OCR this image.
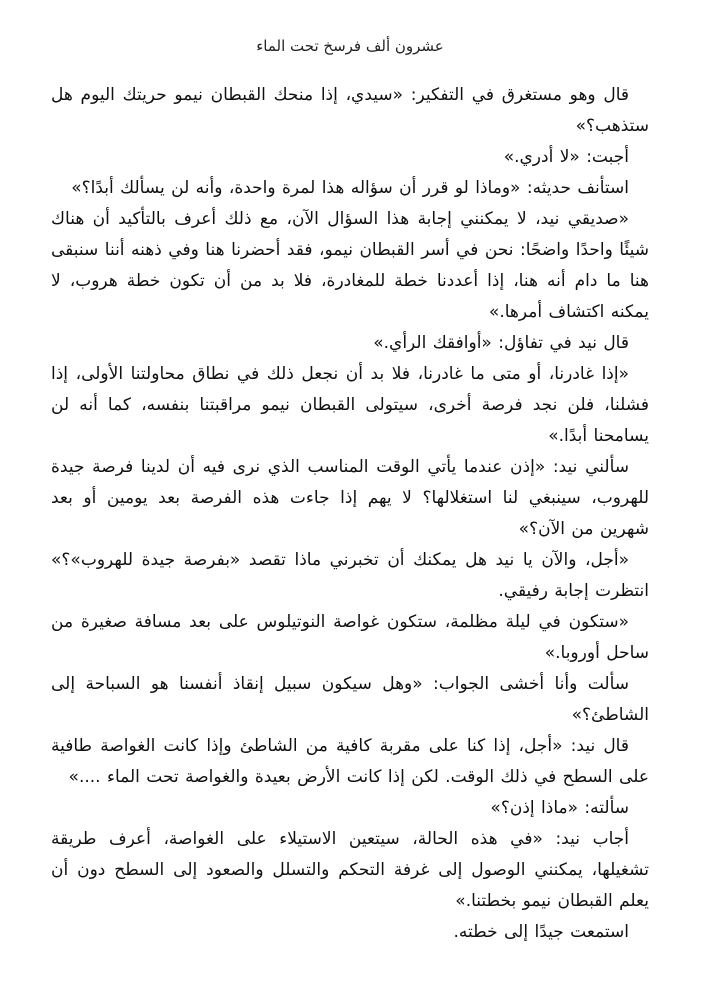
عشرون ألف فرسخ تحت الماء

قال وهو مستغرق في التفكير: «سيدي، إذا منحك القبطان نيمو حريتك اليوم هل ستذهب؟»

أجبت: «لا أدري.»

استأنف حديثه: «وماذا لو قرر أن سؤاله هذا لمرة واحدة، وأنه لن يسألك أبدًا؟»

«صديقي نيد، لا يمكنني إجابة هذا السؤال الآن، مع ذلك أعرف بالتأكيد أن هناك شيئًا واحدًا واضحًا: نحن في أسر القبطان نيمو، فقد أحضرنا هنا وفي ذهنه أننا سنبقى هنا ما دام أنه هنا، إذا أعددنا خطة للمغادرة، فلا بد من أن تكون خطة هروب، لا يمكنه اكتشاف أمرها.»

قال نيد في تفاؤل: «أوافقك الرأي.»

«إذا غادرنا، أو متى ما غادرنا، فلا بد أن نجعل ذلك في نطاق محاولتنا الأولى، إذا فشلنا، فلن نجد فرصة أخرى، سيتولى القبطان نيمو مراقبتنا بنفسه، كما أنه لن يسامحنا أبدًا.»

سألني نيد: «إذن عندما يأتي الوقت المناسب الذي نرى فيه أن لدينا فرصة جيدة للهروب، سينبغي لنا استغلالها؟ لا يهم إذا جاءت هذه الفرصة بعد يومين أو بعد شهرين من الآن؟»

«أجل، والآن يا نيد هل يمكنك أن تخبرني ماذا تقصد «بفرصة جيدة للهروب»؟» انتظرت إجابة رفيقي.

«ستكون في ليلة مظلمة، ستكون غواصة النوتيلوس على بعد مسافة صغيرة من ساحل أوروبا.»

سألت وأنا أخشى الجواب: «وهل سيكون سبيل إنقاذ أنفسنا هو السباحة إلى الشاطئ؟»

قال نيد: «أجل، إذا كنا على مقربة كافية من الشاطئ وإذا كانت الغواصة طافية على السطح في ذلك الوقت. لكن إذا كانت الأرض بعيدة والغواصة تحت الماء ....»

سألته: «ماذا إذن؟»

أجاب نيد: «في هذه الحالة، سيتعين الاستيلاء على الغواصة، أعرف طريقة تشغيلها، يمكنني الوصول إلى غرفة التحكم والتسلل والصعود إلى السطح دون أن يعلم القبطان نيمو بخطتنا.»

استمعت جيدًا إلى خطته.
